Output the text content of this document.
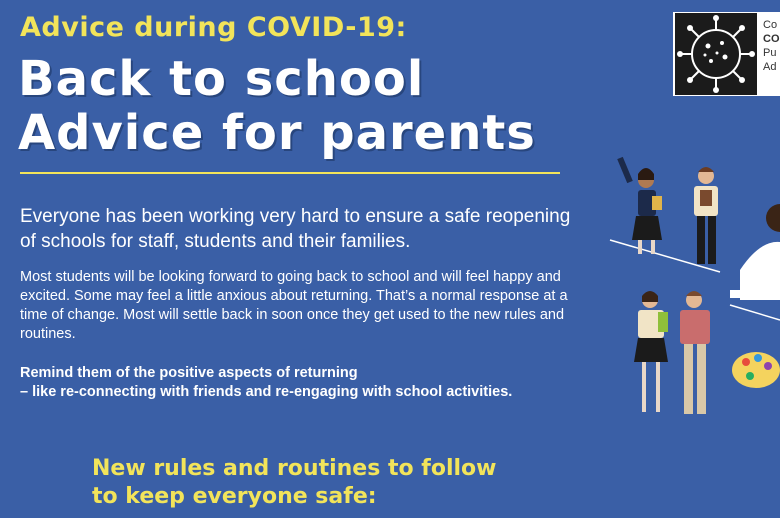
Advice during COVID-19:
Back to school
Advice for parents
Everyone has been working very hard to ensure a safe reopening of schools for staff, students and their families.
Most students will be looking forward to going back to school and will feel happy and excited. Some may feel a little anxious about returning. That’s a normal response at a time of change. Most will settle back in soon once they get used to the new rules and routines.
Remind them of the positive aspects of returning
– like re-connecting with friends and re-engaging with school activities.
New rules and routines to follow
to keep everyone safe:
Co
CO
Pu
Ad
